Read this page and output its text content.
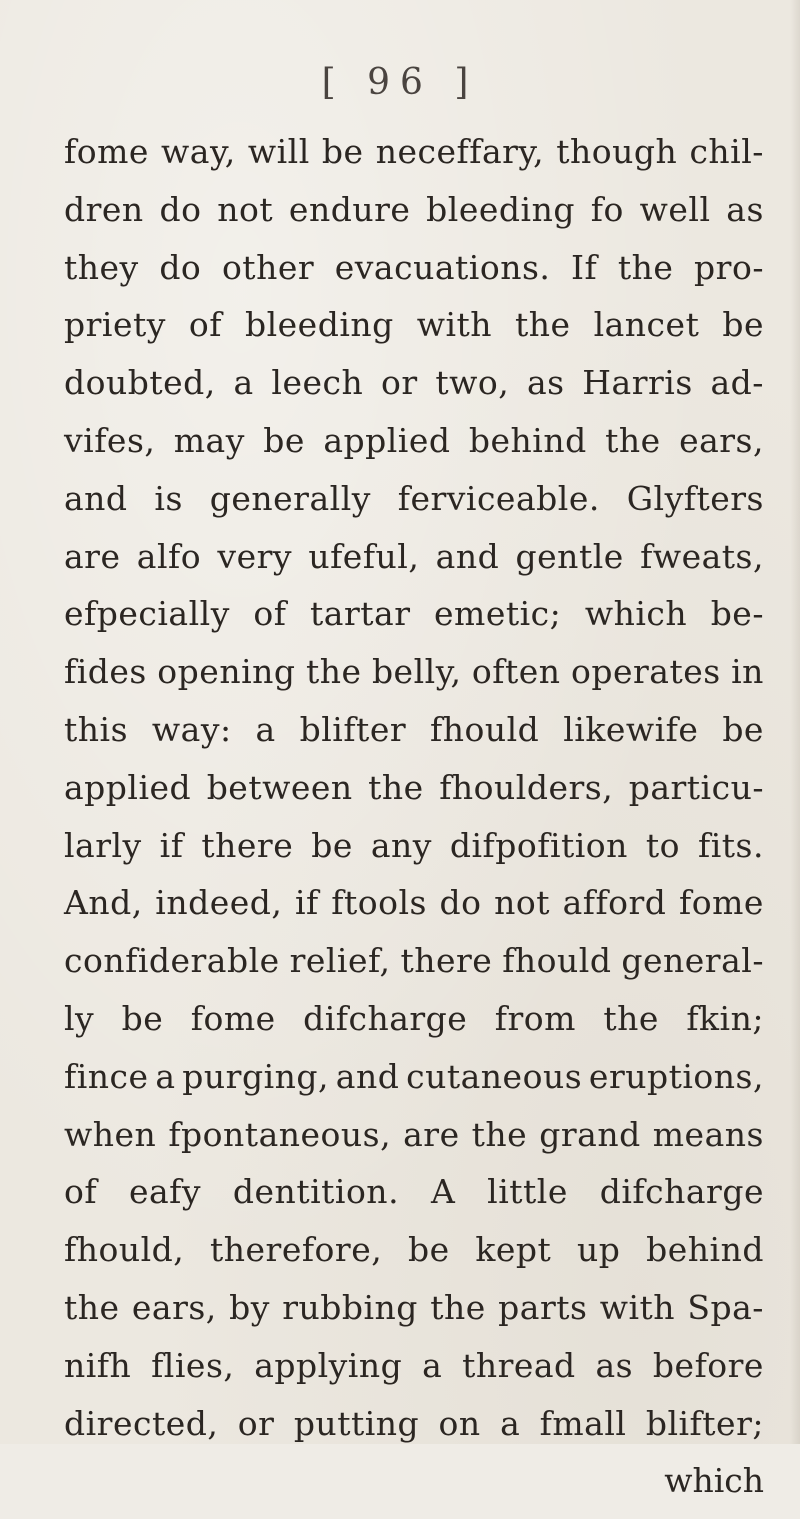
[ 96 ]
fome way, will be neceffary, though chil-
dren do not endure bleeding fo well as
they do other evacuations. If the pro-
priety of bleeding with the lancet be
doubted, a leech or two, as Harris ad-
vifes, may be applied behind the ears,
and is generally ferviceable. Glyfters
are alfo very ufeful, and gentle fweats,
efpecially of tartar emetic; which be-
fides opening the belly, often operates in
this way: a blifter fhould likewife be
applied between the fhoulders, particu-
larly if there be any difpofition to fits.
And, indeed, if ftools do not afford fome
confiderable relief, there fhould general-
ly be fome difcharge from the fkin;
fince a purging, and cutaneous eruptions,
when fpontaneous, are the grand means
of eafy dentition. A little difcharge
fhould, therefore, be kept up behind
the ears, by rubbing the parts with Spa-
nifh flies, applying a thread as before
directed, or putting on a fmall blifter;
which
